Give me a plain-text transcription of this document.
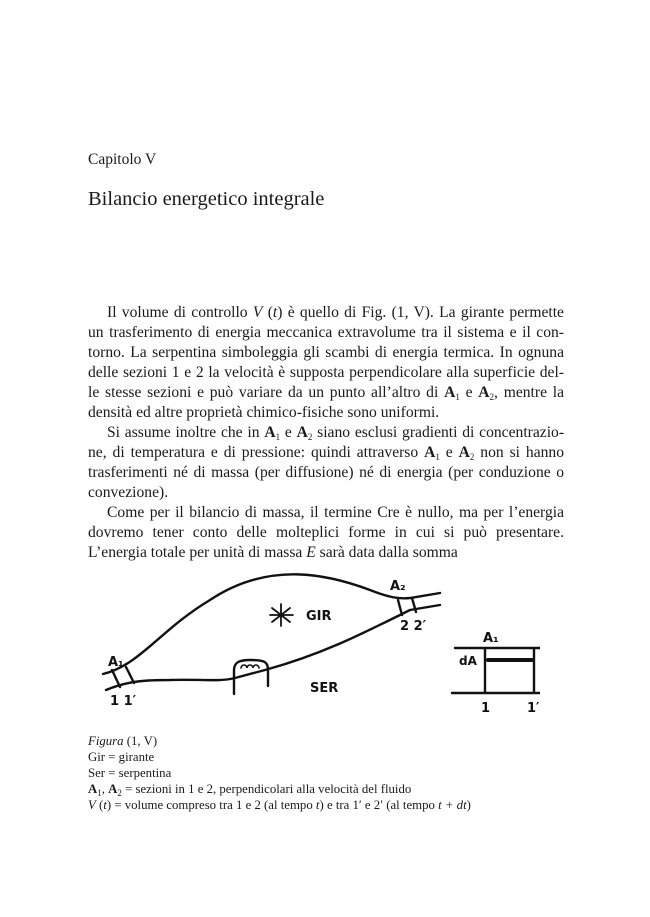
Capitolo V
Bilancio energetico integrale
Il volume di controllo V (t) è quello di Fig. (1, V). La girante permette
un trasferimento di energia meccanica extravolume tra il sistema e il con-
torno. La serpentina simboleggia gli scambi di energia termica. In ognuna
delle sezioni 1 e 2 la velocità è supposta perpendicolare alla superficie del-
le stesse sezioni e può variare da un punto all’altro di $A_1$ e $A_2$, mentre la
densità ed altre proprietà chimico-fisiche sono uniformi.
Si assume inoltre che in $A_1$ e $A_2$ siano esclusi gradienti di concentrazio-
ne, di temperatura e di pressione: quindi attraverso $A_1$ e $A_2$ non si hanno
trasferimenti né di massa (per diffusione) né di energia (per conduzione o
convezione).
Come per il bilancio di massa, il termine Cre è nullo, ma per l’energia
dovremo tener conto delle molteplici forme in cui si può presentare.
L’energia totale per unità di massa E sarà data dalla somma
GIR
SER
A₁
1 1′
A₂
2 2′
A₁
dA
1	1′
Figura (1, V)
Gir = girante
Ser = serpentina
$A_1$, $A_2$ = sezioni in 1 e 2, perpendicolari alla velocità del fluido
V (t) = volume compreso tra 1 e 2 (al tempo t) e tra 1′ e 2′ (al tempo t + dt)
